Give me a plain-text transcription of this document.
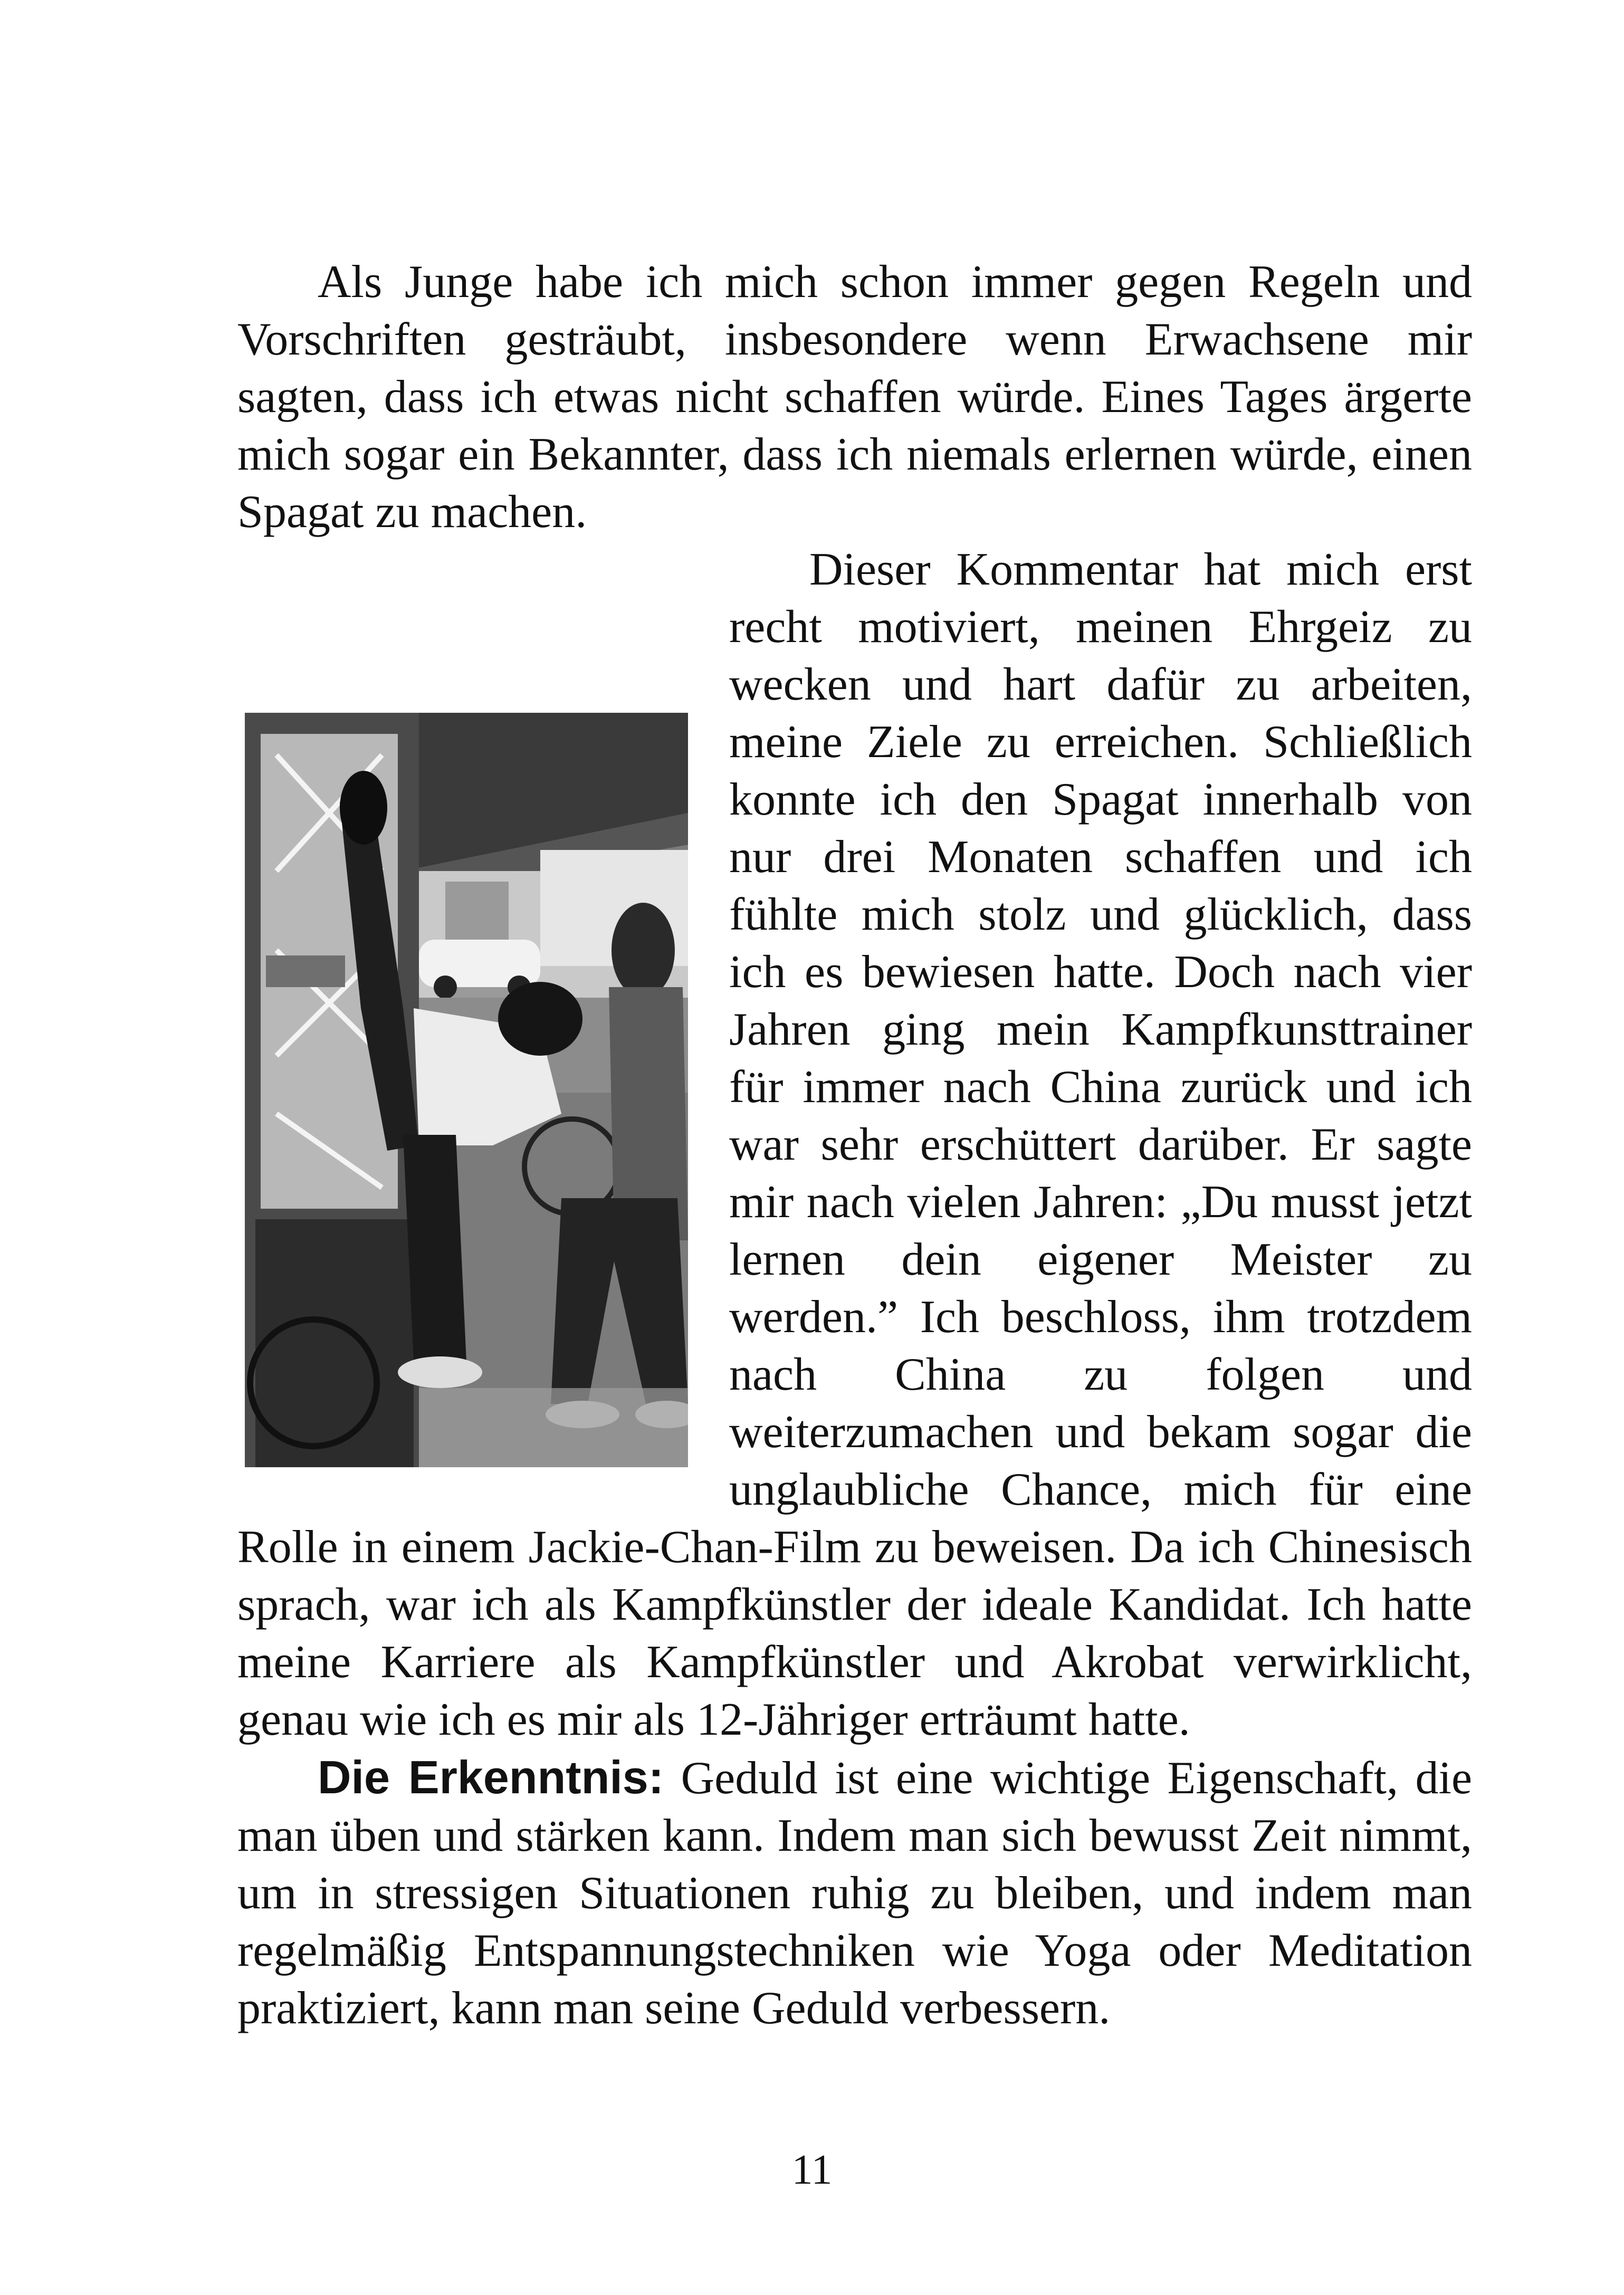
Als Junge habe ich mich schon immer gegen Regeln und Vorschriften gesträubt, insbesondere wenn Erwachsene mir sagten, dass ich etwas nicht schaffen würde. Eines Tages ärgerte mich sogar ein Bekannter, dass ich niemals erlernen würde, einen Spagat zu machen.

Dieser Kommentar hat mich erst recht motiviert, meinen Ehrgeiz zu wecken und hart dafür zu arbeiten, meine Ziele zu erreichen. Schließlich konnte ich den Spagat innerhalb von nur drei Monaten schaffen und ich fühlte mich stolz und glücklich, dass ich es bewiesen hatte. Doch nach vier Jahren ging mein Kampfkunsttrainer für immer nach China zurück und ich war sehr erschüttert darüber. Er sagte mir nach vielen Jahren: „Du musst jetzt lernen dein eigener Meister zu werden.” Ich beschloss, ihm trotzdem nach China zu folgen und weiterzumachen und bekam sogar die unglaubliche Chance, mich für eine Rolle in einem Jackie-Chan-Film zu beweisen. Da ich Chinesisch sprach, war ich als Kampfkünstler der ideale Kandidat. Ich hatte meine Karriere als Kampfkünstler und Akrobat verwirklicht, genau wie ich es mir als 12-Jähriger erträumt hatte.

Die Erkenntnis: Geduld ist eine wichtige Eigenschaft, die man üben und stärken kann. Indem man sich bewusst Zeit nimmt, um in stressigen Situationen ruhig zu bleiben, und indem man regelmäßig Entspannungstechniken wie Yoga oder Meditation praktiziert, kann man seine Geduld verbessern.

11
